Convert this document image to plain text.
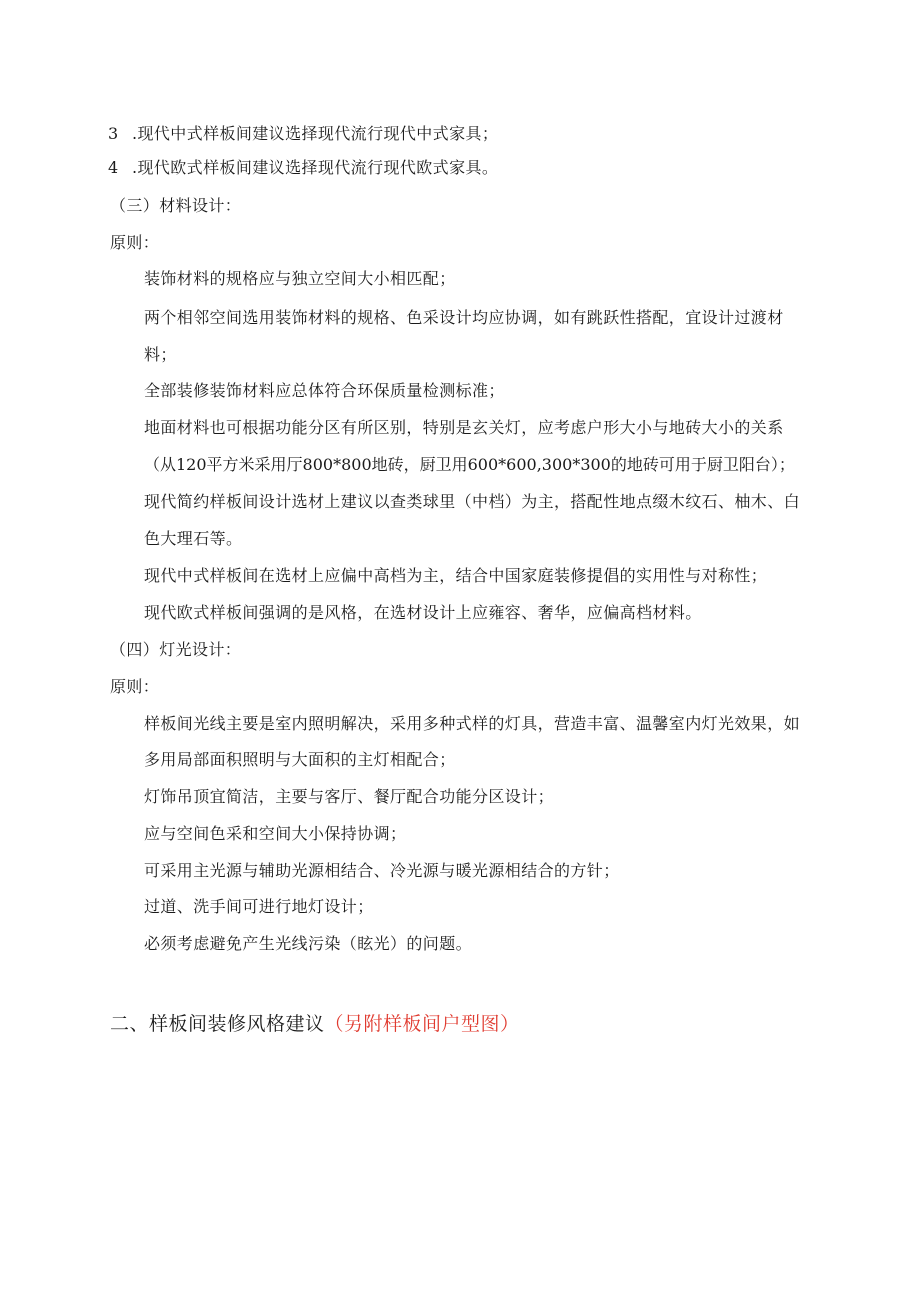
3 .现代中式样板间建议选择现代流行现代中式家具；
4 .现代欧式样板间建议选择现代流行现代欧式家具。
（三）材料设计：
原则：
装饰材料的规格应与独立空间大小相匹配；
两个相邻空间选用装饰材料的规格、色采设计均应协调，如有跳跃性搭配，宜设计过渡材
料；
全部装修装饰材料应总体符合环保质量检测标准；
地面材料也可根据功能分区有所区别，特别是玄关灯，应考虑户形大小与地砖大小的关系
（从120平方米采用厅800*800地砖，厨卫用600*600,300*300的地砖可用于厨卫阳台）；
现代简约样板间设计选材上建议以查类球里（中档）为主，搭配性地点缀木纹石、柚木、白
色大理石等。
现代中式样板间在选材上应偏中高档为主，结合中国家庭装修提倡的实用性与对称性；
现代欧式样板间强调的是风格，在选材设计上应雍容、奢华，应偏高档材料。
（四）灯光设计：
原则：
样板间光线主要是室内照明解决，采用多种式样的灯具，营造丰富、温馨室内灯光效果，如
多用局部面积照明与大面积的主灯相配合；
灯饰吊顶宜简洁，主要与客厅、餐厅配合功能分区设计；
应与空间色采和空间大小保持协调；
可采用主光源与辅助光源相结合、冷光源与暖光源相结合的方针；
过道、洗手间可进行地灯设计；
必须考虑避免产生光线污染（眩光）的问题。
二、样板间装修风格建议（另附样板间户型图）
